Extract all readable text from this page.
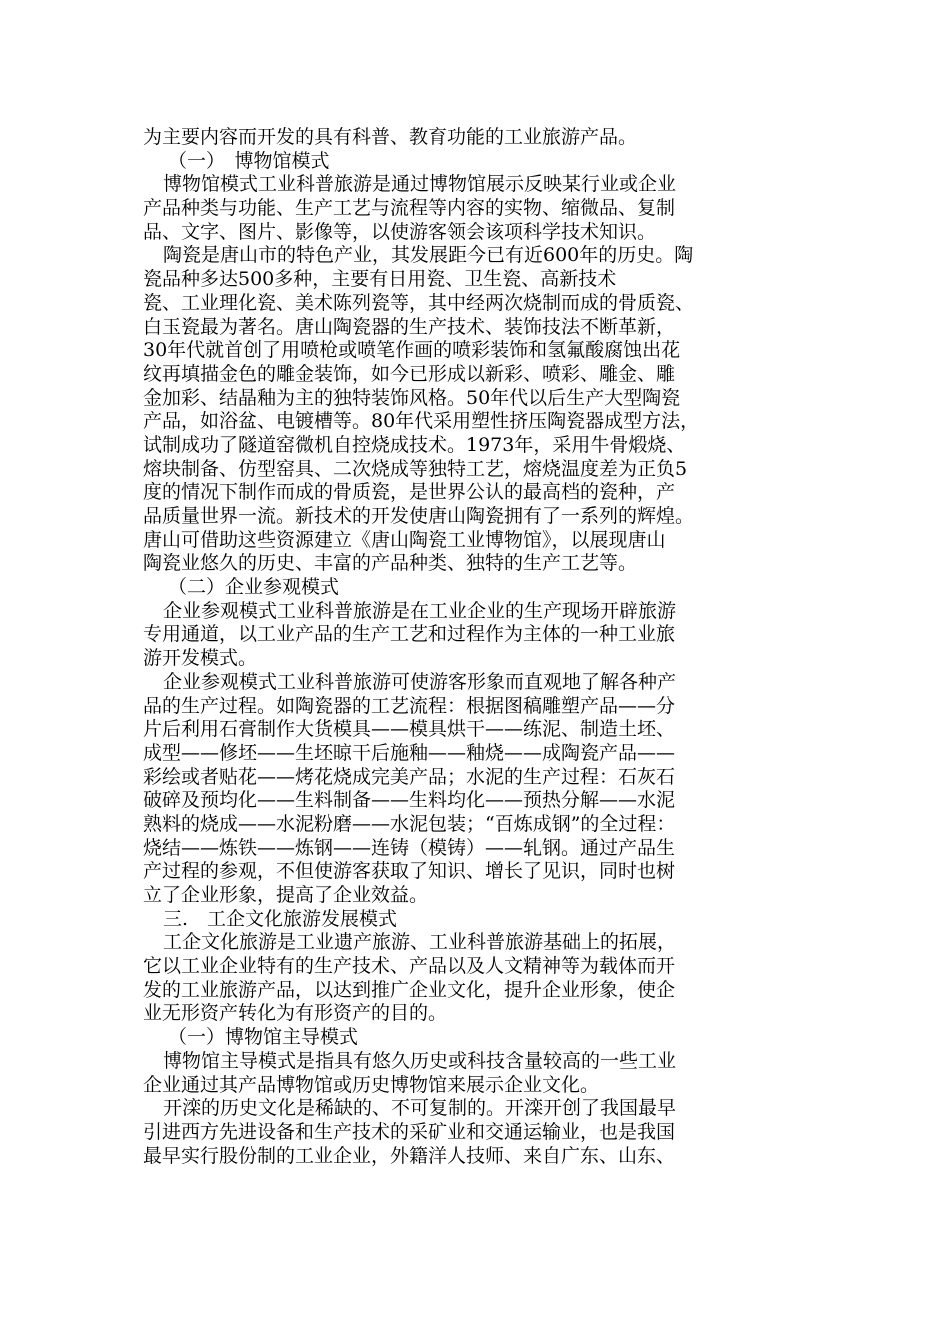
为主要内容而开发的具有科普、教育功能的工业旅游产品。
（一）　博物馆模式
博物馆模式工业科普旅游是通过博物馆展示反映某行业或企业
产品种类与功能、生产工艺与流程等内容的实物、缩微品、复制
品、文字、图片、影像等，以使游客领会该项科学技术知识。
陶瓷是唐山市的特色产业，其发展距今已有近600年的历史。陶
瓷品种多达500多种，主要有日用瓷、卫生瓷、高新技术
瓷、工业理化瓷、美术陈列瓷等，其中经两次烧制而成的骨质瓷、
白玉瓷最为著名。唐山陶瓷器的生产技术、装饰技法不断革新，
30年代就首创了用喷枪或喷笔作画的喷彩装饰和氢氟酸腐蚀出花
纹再填描金色的雕金装饰，如今已形成以新彩、喷彩、雕金、雕
金加彩、结晶釉为主的独特装饰风格。50年代以后生产大型陶瓷
产品，如浴盆、电镀槽等。80年代采用塑性挤压陶瓷器成型方法，
试制成功了隧道窑微机自控烧成技术。1973年，采用牛骨煅烧、
熔块制备、仿型窑具、二次烧成等独特工艺，熔烧温度差为正负5
度的情况下制作而成的骨质瓷，是世界公认的最高档的瓷种，产
品质量世界一流。新技术的开发使唐山陶瓷拥有了一系列的辉煌。
唐山可借助这些资源建立《唐山陶瓷工业博物馆》，以展现唐山
陶瓷业悠久的历史、丰富的产品种类、独特的生产工艺等。
（二）企业参观模式
企业参观模式工业科普旅游是在工业企业的生产现场开辟旅游
专用通道，以工业产品的生产工艺和过程作为主体的一种工业旅
游开发模式。
企业参观模式工业科普旅游可使游客形象而直观地了解各种产
品的生产过程。如陶瓷器的工艺流程：根据图稿雕塑产品——分
片后利用石膏制作大货模具——模具烘干——练泥、制造土坯、
成型——修坯——生坯晾干后施釉——釉烧——成陶瓷产品——
彩绘或者贴花——烤花烧成完美产品；水泥的生产过程：石灰石
破碎及预均化——生料制备——生料均化——预热分解——水泥
熟料的烧成——水泥粉磨——水泥包装；“百炼成钢”的全过程：
烧结——炼铁——炼钢——连铸（模铸）——轧钢。通过产品生
产过程的参观，不但使游客获取了知识、增长了见识，同时也树
立了企业形象，提高了企业效益。
三.　工企文化旅游发展模式
工企文化旅游是工业遗产旅游、工业科普旅游基础上的拓展，
它以工业企业特有的生产技术、产品以及人文精神等为载体而开
发的工业旅游产品，以达到推广企业文化，提升企业形象，使企
业无形资产转化为有形资产的目的。
（一）博物馆主导模式
博物馆主导模式是指具有悠久历史或科技含量较高的一些工业
企业通过其产品博物馆或历史博物馆来展示企业文化。
开滦的历史文化是稀缺的、不可复制的。开滦开创了我国最早
引进西方先进设备和生产技术的采矿业和交通运输业，也是我国
最早实行股份制的工业企业，外籍洋人技师、来自广东、山东、
